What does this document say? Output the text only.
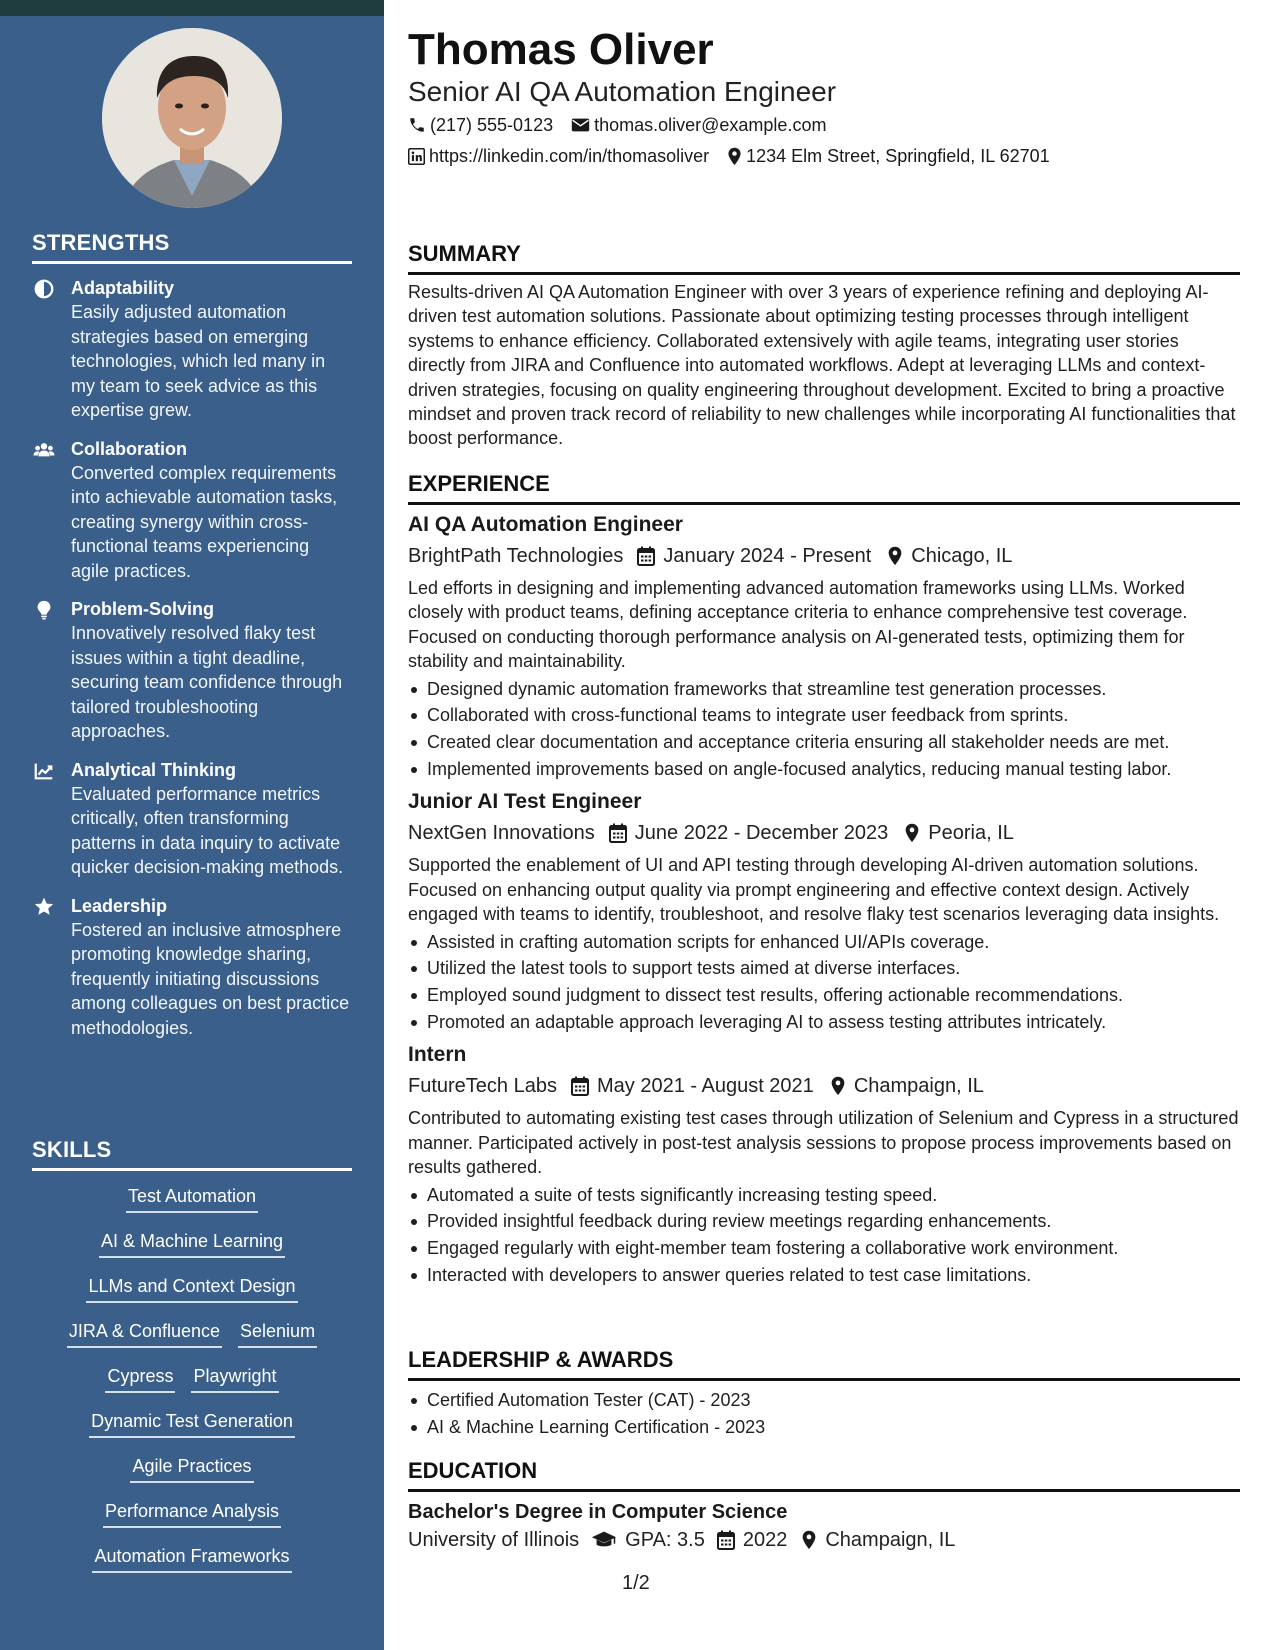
STRENGTHS
Adaptability
Easily adjusted automation strategies based on emerging technologies, which led many in my team to seek advice as this expertise grew.
Collaboration
Converted complex requirements into achievable automation tasks, creating synergy within cross-functional teams experiencing agile practices.
Problem-Solving
Innovatively resolved flaky test issues within a tight deadline, securing team confidence through tailored troubleshooting approaches.
Analytical Thinking
Evaluated performance metrics critically, often transforming patterns in data inquiry to activate quicker decision-making methods.
Leadership
Fostered an inclusive atmosphere promoting knowledge sharing, frequently initiating discussions among colleagues on best practice methodologies.
SKILLS
Test Automation
AI & Machine Learning
LLMs and Context Design
JIRA & Confluence Selenium
Cypress Playwright
Dynamic Test Generation
Agile Practices
Performance Analysis
Automation Frameworks
Thomas Oliver
Senior AI QA Automation Engineer
(217) 555-0123 thomas.oliver@example.com
https://linkedin.com/in/thomasoliver 1234 Elm Street, Springfield, IL 62701
SUMMARY

Results-driven AI QA Automation Engineer with over 3 years of experience refining and deploying AI-driven test automation solutions. Passionate about optimizing testing processes through intelligent systems to enhance efficiency. Collaborated extensively with agile teams, integrating user stories directly from JIRA and Confluence into automated workflows. Adept at leveraging LLMs and context-driven strategies, focusing on quality engineering throughout development. Excited to bring a proactive mindset and proven track record of reliability to new challenges while incorporating AI functionalities that boost performance.

EXPERIENCE
AI QA Automation Engineer
BrightPath Technologies January 2024 - Present Chicago, IL

Led efforts in designing and implementing advanced automation frameworks using LLMs. Worked closely with product teams, defining acceptance criteria to enhance comprehensive test coverage. Focused on conducting thorough performance analysis on AI-generated tests, optimizing them for stability and maintainability.

Designed dynamic automation frameworks that streamline test generation processes.
Collaborated with cross-functional teams to integrate user feedback from sprints.
Created clear documentation and acceptance criteria ensuring all stakeholder needs are met.
Implemented improvements based on angle-focused analytics, reducing manual testing labor.
Junior AI Test Engineer
NextGen Innovations June 2022 - December 2023 Peoria, IL

Supported the enablement of UI and API testing through developing AI-driven automation solutions. Focused on enhancing output quality via prompt engineering and effective context design. Actively engaged with teams to identify, troubleshoot, and resolve flaky test scenarios leveraging data insights.

Assisted in crafting automation scripts for enhanced UI/APIs coverage.
Utilized the latest tools to support tests aimed at diverse interfaces.
Employed sound judgment to dissect test results, offering actionable recommendations.
Promoted an adaptable approach leveraging AI to assess testing attributes intricately.
Intern
FutureTech Labs May 2021 - August 2021 Champaign, IL

Contributed to automating existing test cases through utilization of Selenium and Cypress in a structured manner. Participated actively in post-test analysis sessions to propose process improvements based on results gathered.

Automated a suite of tests significantly increasing testing speed.
Provided insightful feedback during review meetings regarding enhancements.
Engaged regularly with eight-member team fostering a collaborative work environment.
Interacted with developers to answer queries related to test case limitations.
LEADERSHIP & AWARDS
Certified Automation Tester (CAT) - 2023
AI & Machine Learning Certification - 2023
EDUCATION
Bachelor's Degree in Computer Science
University of Illinois GPA: 3.5 2022 Champaign, IL
1/2
